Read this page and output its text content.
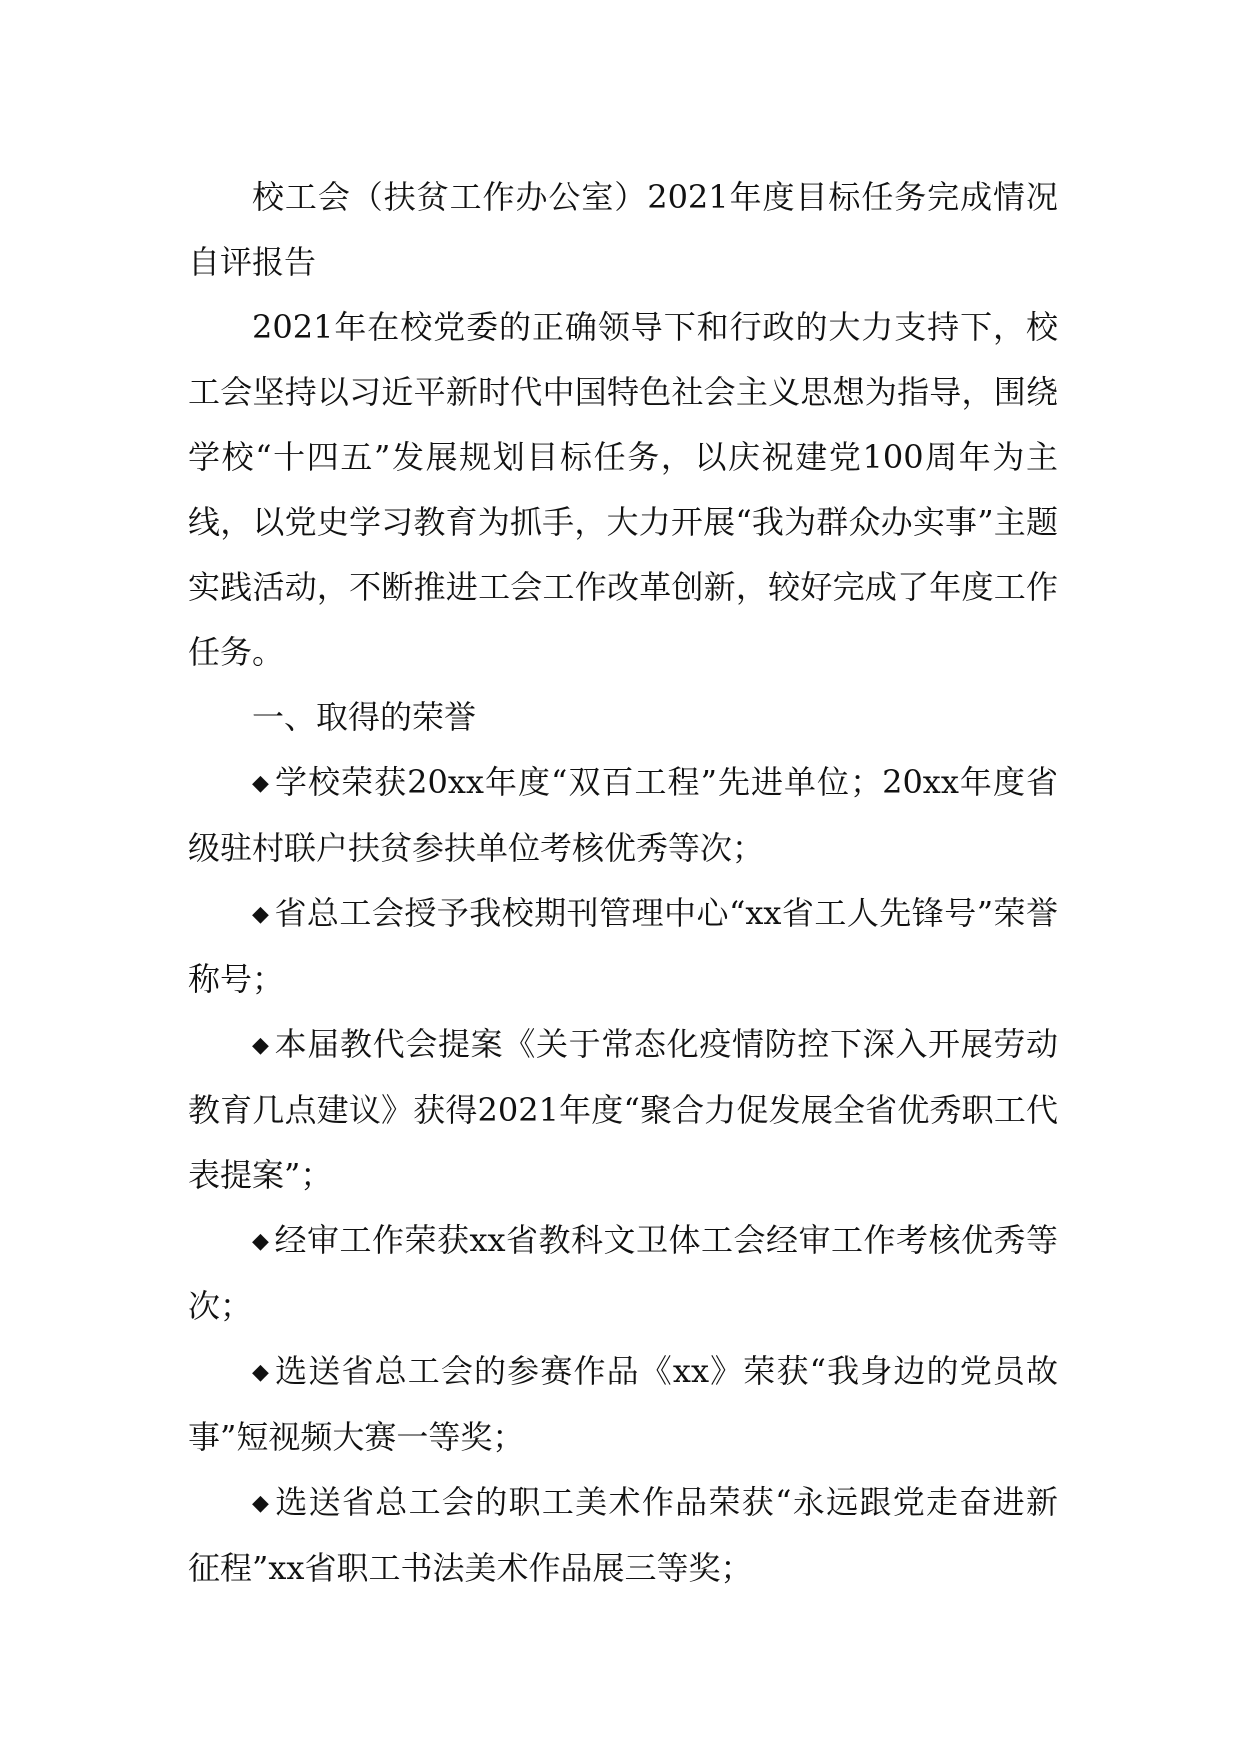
校工会（扶贫工作办公室）2021年度目标任务完成情况自评报告

2021年在校党委的正确领导下和行政的大力支持下，校工会坚持以习近平新时代中国特色社会主义思想为指导，围绕学校“十四五”发展规划目标任务，以庆祝建党100周年为主线，以党史学习教育为抓手，大力开展“我为群众办实事”主题实践活动，不断推进工会工作改革创新，较好完成了年度工作任务。

一、取得的荣誉

◆ 学校荣获20xx年度“双百工程”先进单位；20xx年度省级驻村联户扶贫参扶单位考核优秀等次；

◆ 省总工会授予我校期刊管理中心“xx省工人先锋号”荣誉称号；

◆ 本届教代会提案《关于常态化疫情防控下深入开展劳动教育几点建议》获得2021年度“聚合力促发展全省优秀职工代表提案”；

◆ 经审工作荣获xx省教科文卫体工会经审工作考核优秀等次；

◆ 选送省总工会的参赛作品《xx》荣获“我身边的党员故事”短视频大赛一等奖；

◆ 选送省总工会的职工美术作品荣获“永远跟党走奋进新征程”xx省职工书法美术作品展三等奖；
